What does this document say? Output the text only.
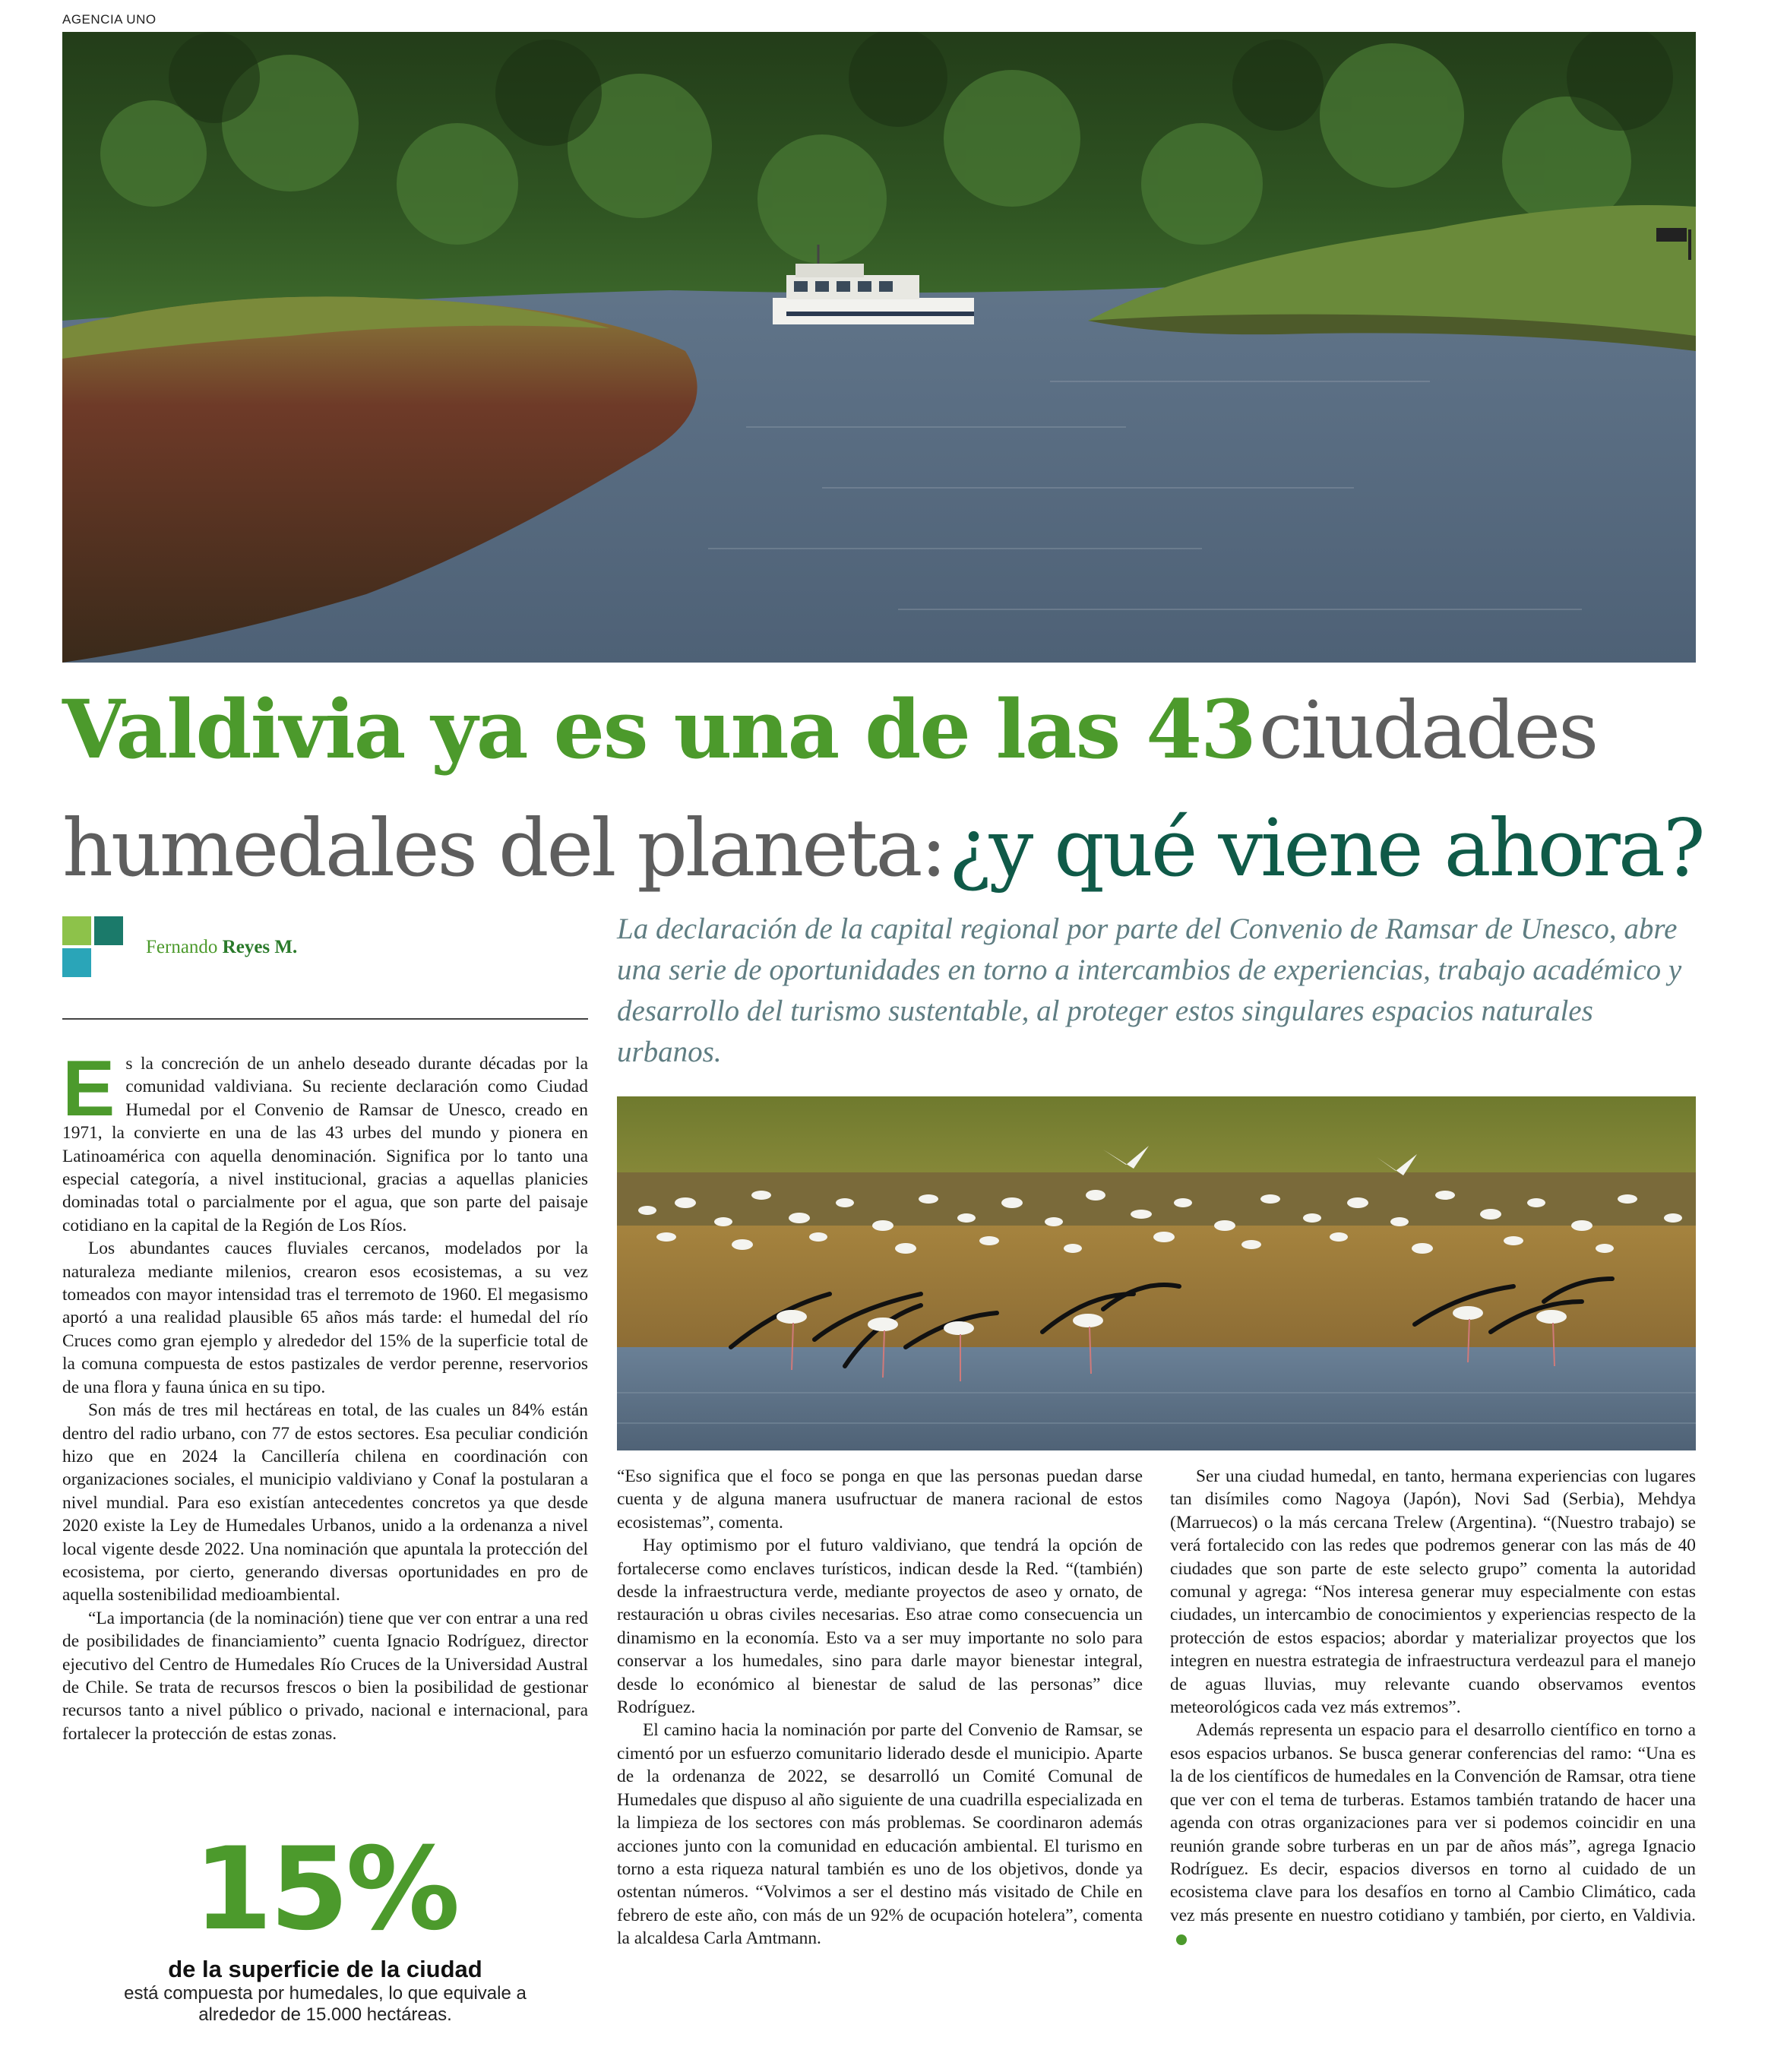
AGENCIA UNO
Valdivia ya es una de las 43 ciudades
humedales del planeta: ¿y qué viene ahora?
Fernando Reyes M.
La declaración de la capital regional por parte del Convenio de Ramsar de Unesco, abre una serie de oportunidades en torno a intercambios de experiencias, trabajo académico y desarrollo del turismo sustentable, al proteger estos singulares espacios naturales urbanos.

Es la concreción de un anhelo deseado durante décadas por la comunidad valdiviana. Su reciente declaración como Ciudad Humedal por el Convenio de Ramsar de Unesco, creado en 1971, la convierte en una de las 43 urbes del mundo y pionera en Latinoamérica con aquella denominación. Significa por lo tanto una especial categoría, a nivel institucional, gracias a aquellas planicies dominadas total o parcialmente por el agua, que son parte del paisaje cotidiano en la capital de la Región de Los Ríos.

Los abundantes cauces fluviales cercanos, modelados por la naturaleza mediante milenios, crearon esos ecosistemas, a su vez tomeados con mayor intensidad tras el terremoto de 1960. El megasismo aportó a una realidad plausible 65 años más tarde: el humedal del río Cruces como gran ejemplo y alrededor del 15% de la superficie total de la comuna compuesta de estos pastizales de verdor perenne, reservorios de una flora y fauna única en su tipo.

Son más de tres mil hectáreas en total, de las cuales un 84% están dentro del radio urbano, con 77 de estos sectores. Esa peculiar condición hizo que en 2024 la Cancillería chilena en coordinación con organizaciones sociales, el municipio valdiviano y Conaf la postularan a nivel mundial. Para eso existían antecedentes concretos ya que desde 2020 existe la Ley de Humedales Urbanos, unido a la ordenanza a nivel local vigente desde 2022. Una nominación que apuntala la protección del ecosistema, por cierto, generando diversas oportunidades en pro de aquella sostenibilidad medioambiental.

“La importancia (de la nominación) tiene que ver con entrar a una red de posibilidades de financiamiento” cuenta Ignacio Rodríguez, director ejecutivo del Centro de Humedales Río Cruces de la Universidad Austral de Chile. Se trata de recursos frescos o bien la posibilidad de gestionar recursos tanto a nivel público o privado, nacional e internacional, para fortalecer la protección de estas zonas.

15%
de la superficie de la ciudad
está compuesta por humedales, lo que equivale a alrededor de 15.000 hectáreas.

“Eso significa que el foco se ponga en que las personas puedan darse cuenta y de alguna manera usufructuar de manera racional de estos ecosistemas”, comenta.

Hay optimismo por el futuro valdiviano, que tendrá la opción de fortalecerse como enclaves turísticos, indican desde la Red. “(también) desde la infraestructura verde, mediante proyectos de aseo y ornato, de restauración u obras civiles necesarias. Eso atrae como consecuencia un dinamismo en la economía. Esto va a ser muy importante no solo para conservar a los humedales, sino para darle mayor bienestar integral, desde lo económico al bienestar de salud de las personas” dice Rodríguez.

El camino hacia la nominación por parte del Convenio de Ramsar, se cimentó por un esfuerzo comunitario liderado desde el municipio. Aparte de la ordenanza de 2022, se desarrolló un Comité Comunal de Humedales que dispuso al año siguiente de una cuadrilla especializada en la limpieza de los sectores con más problemas. Se coordinaron además acciones junto con la comunidad en educación ambiental. El turismo en torno a esta riqueza natural también es uno de los objetivos, donde ya ostentan números. “Volvimos a ser el destino más visitado de Chile en febrero de este año, con más de un 92% de ocupación hotelera”, comenta la alcaldesa Carla Amtmann.

Ser una ciudad humedal, en tanto, hermana experiencias con lugares tan disímiles como Nagoya (Japón), Novi Sad (Serbia), Mehdya (Marruecos) o la más cercana Trelew (Argentina). “(Nuestro trabajo) se verá fortalecido con las redes que podremos generar con las más de 40 ciudades que son parte de este selecto grupo” comenta la autoridad comunal y agrega: “Nos interesa generar muy especialmente con estas ciudades, un intercambio de conocimientos y experiencias respecto de la protección de estos espacios; abordar y materializar proyectos que los integren en nuestra estrategia de infraestructura verdeazul para el manejo de aguas lluvias, muy relevante cuando observamos eventos meteorológicos cada vez más extremos”.

Además representa un espacio para el desarrollo científico en torno a esos espacios urbanos. Se busca generar conferencias del ramo: “Una es la de los científicos de humedales en la Convención de Ramsar, otra tiene que ver con el tema de turberas. Estamos también tratando de hacer una agenda con otras organizaciones para ver si podemos coincidir en una reunión grande sobre turberas en un par de años más”, agrega Ignacio Rodríguez. Es decir, espacios diversos en torno al cuidado de un ecosistema clave para los desafíos en torno al Cambio Climático, cada vez más presente en nuestro cotidiano y también, por cierto, en Valdivia.
